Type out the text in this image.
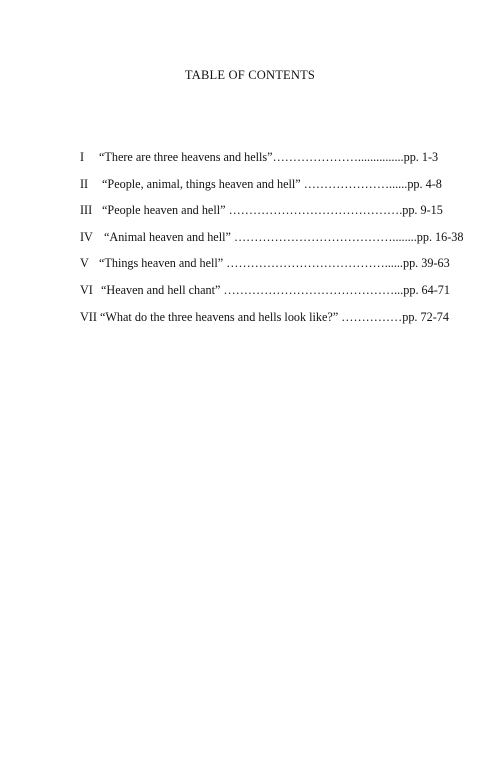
TABLE OF CONTENTS
I “There are three heavens and hells”…………………...............pp. 1-3
II “People, animal, things heaven and hell” …………………......pp. 4-8
III “People heaven and hell” …………………………………….pp. 9-15
IV “Animal heaven and hell” …………………………………........pp. 16-38
V “Things heaven and hell” …………………………………......pp. 39-63
VI “Heaven and hell chant” ……………………………………...pp. 64-71
VII “What do the three heavens and hells look like?” ……………pp. 72-74
